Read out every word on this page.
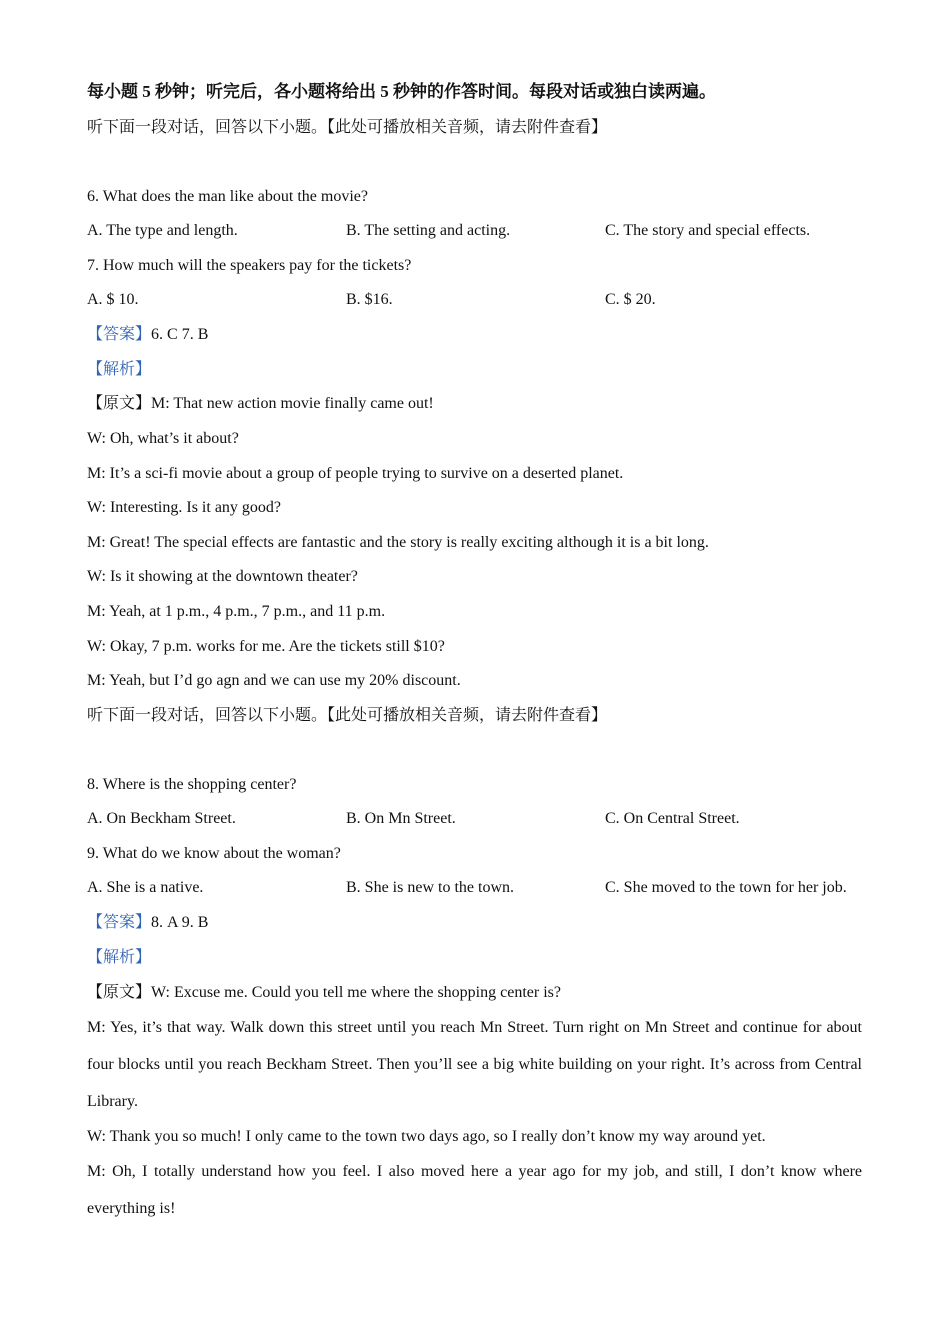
每小题 5 秒钟；听完后，各小题将给出 5 秒钟的作答时间。每段对话或独白读两遍。
听下面一段对话，回答以下小题。【此处可播放相关音频，请去附件查看】
6. What does the man like about the movie?
A. The type and length.	B. The setting and acting.	C. The story and special effects.
7. How much will the speakers pay for the tickets?
A. $ 10.	B. $16.	C. $ 20.
【答案】6. C 7. B
【解析】
【原文】M: That new action movie finally came out!
W: Oh, what’s it about?
M: It’s a sci-fi movie about a group of people trying to survive on a deserted planet.
W: Interesting. Is it any good?
M: Great! The special effects are fantastic and the story is really exciting although it is a bit long.
W: Is it showing at the downtown theater?
M: Yeah, at 1 p.m., 4 p.m., 7 p.m., and 11 p.m.
W: Okay, 7 p.m. works for me. Are the tickets still $10?
M: Yeah, but I’d go agn and we can use my 20% discount.
听下面一段对话，回答以下小题。【此处可播放相关音频，请去附件查看】
8. Where is the shopping center?
A. On Beckham Street.	B. On Mn Street.	C. On Central Street.
9. What do we know about the woman?
A. She is a native.	B. She is new to the town.	C. She moved to the town for her job.
【答案】8. A 9. B
【解析】
【原文】W: Excuse me. Could you tell me where the shopping center is?
M: Yes, it’s that way. Walk down this street until you reach Mn Street. Turn right on Mn Street and continue for about four blocks until you reach Beckham Street. Then you’ll see a big white building on your right. It’s across from Central Library.
W: Thank you so much! I only came to the town two days ago, so I really don’t know my way around yet.
M: Oh, I totally understand how you feel. I also moved here a year ago for my job, and still, I don’t know where everything is!
